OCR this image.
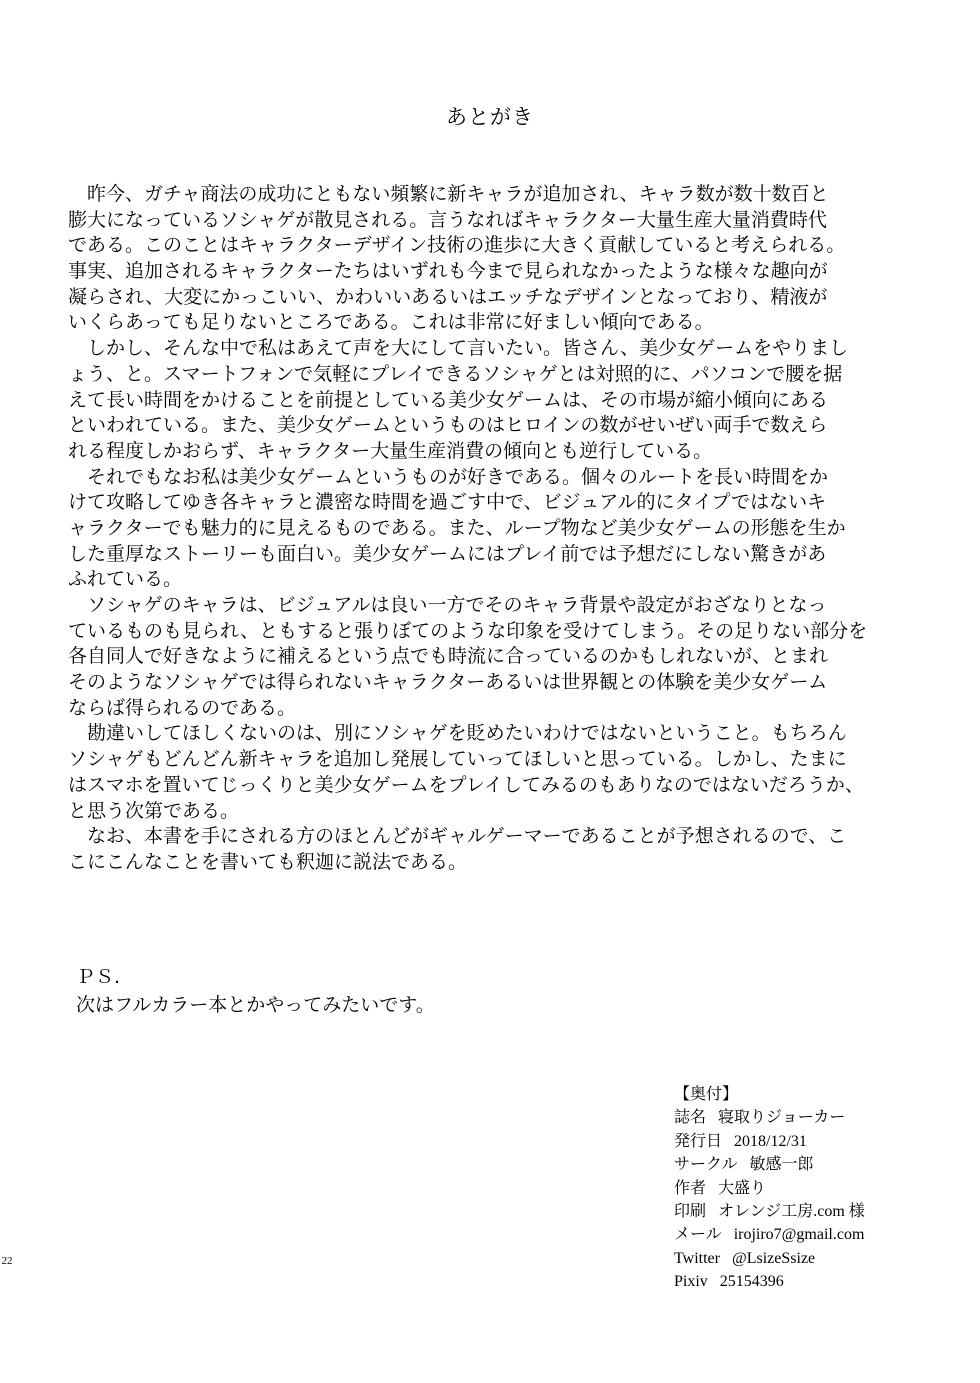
あとがき
　昨今、ガチャ商法の成功にともない頻繁に新キャラが追加され、キャラ数が数十数百と
膨大になっているソシャゲが散見される。言うなればキャラクター大量生産大量消費時代
である。このことはキャラクターデザイン技術の進歩に大きく貢献していると考えられる。
事実、追加されるキャラクターたちはいずれも今まで見られなかったような様々な趣向が
凝らされ、大変にかっこいい、かわいいあるいはエッチなデザインとなっており、精液が
いくらあっても足りないところである。これは非常に好ましい傾向である。
　しかし、そんな中で私はあえて声を大にして言いたい。皆さん、美少女ゲームをやりまし
ょう、と。スマートフォンで気軽にプレイできるソシャゲとは対照的に、パソコンで腰を据
えて長い時間をかけることを前提としている美少女ゲームは、その市場が縮小傾向にある
といわれている。また、美少女ゲームというものはヒロインの数がせいぜい両手で数えら
れる程度しかおらず、キャラクター大量生産消費の傾向とも逆行している。
　それでもなお私は美少女ゲームというものが好きである。個々のルートを長い時間をか
けて攻略してゆき各キャラと濃密な時間を過ごす中で、ビジュアル的にタイプではないキ
ャラクターでも魅力的に見えるものである。また、ループ物など美少女ゲームの形態を生か
した重厚なストーリーも面白い。美少女ゲームにはプレイ前では予想だにしない驚きがあ
ふれている。
　ソシャゲのキャラは、ビジュアルは良い一方でそのキャラ背景や設定がおざなりとなっ
ているものも見られ、ともすると張りぼてのような印象を受けてしまう。その足りない部分を
各自同人で好きなように補えるという点でも時流に合っているのかもしれないが、とまれ
そのようなソシャゲでは得られないキャラクターあるいは世界観との体験を美少女ゲーム
ならば得られるのである。
　勘違いしてほしくないのは、別にソシャゲを貶めたいわけではないということ。もちろん
ソシャゲもどんどん新キャラを追加し発展していってほしいと思っている。しかし、たまに
はスマホを置いてじっくりと美少女ゲームをプレイしてみるのもありなのではないだろうか、
と思う次第である。
　なお、本書を手にされる方のほとんどがギャルゲーマーであることが予想されるので、こ
こにこんなことを書いても釈迦に説法である。
ＰＳ.
次はフルカラー本とかやってみたいです。
【奥付】
誌名 寝取りジョーカー
発行日 2018/12/31
サークル 敏感一郎
作者 大盛り
印刷 オレンジ工房.com 様
メール irojiro7@gmail.com
Twitter @LsizeSsize
Pixiv 25154396
22
